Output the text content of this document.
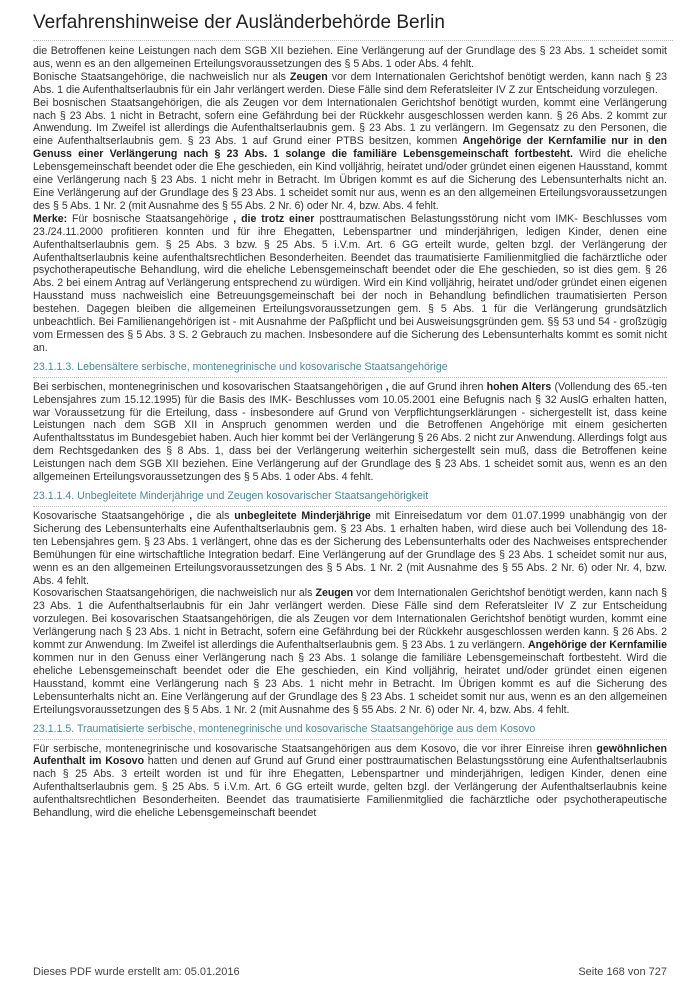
Verfahrenshinweise der Ausländerbehörde Berlin

die Betroffenen keine Leistungen nach dem SGB XII beziehen. Eine Verlängerung auf der Grundlage des § 23 Abs. 1 scheidet somit aus, wenn es an den allgemeinen Erteilungsvoraussetzungen des § 5 Abs. 1 oder Abs. 4 fehlt.

Bonische Staatsangehörige, die nachweislich nur als Zeugen vor dem Internationalen Gerichtshof benötigt werden, kann nach § 23 Abs. 1 die Aufenthaltserlaubnis für ein Jahr verlängert werden. Diese Fälle sind dem Referatsleiter IV Z zur Entscheidung vorzulegen.

Bei bosnischen Staatsangehörigen, die als Zeugen vor dem Internationalen Gerichtshof benötigt wurden, kommt eine Verlängerung nach § 23 Abs. 1 nicht in Betracht, sofern eine Gefährdung bei der Rückkehr ausgeschlossen werden kann. § 26 Abs. 2 kommt zur Anwendung. Im Zweifel ist allerdings die Aufenthaltserlaubnis gem. § 23 Abs. 1 zu verlängern. Im Gegensatz zu den Personen, die eine Aufenthaltserlaubnis gem. § 23 Abs. 1 auf Grund einer PTBS besitzen, kommen Angehörige der Kernfamilie nur in den Genuss einer Verlängerung nach § 23 Abs. 1 solange die familiäre Lebensgemeinschaft fortbesteht. Wird die eheliche Lebensgemeinschaft beendet oder die Ehe geschieden, ein Kind volljährig, heiratet und/oder gründet einen eigenen Hausstand, kommt eine Verlängerung nach § 23 Abs. 1 nicht mehr in Betracht. Im Übrigen kommt es auf die Sicherung des Lebensunterhalts nicht an. Eine Verlängerung auf der Grundlage des § 23 Abs. 1 scheidet somit nur aus, wenn es an den allgemeinen Erteilungsvoraussetzungen des § 5 Abs. 1 Nr. 2 (mit Ausnahme des § 55 Abs. 2 Nr. 6) oder Nr. 4, bzw. Abs. 4 fehlt.

Merke: Für bosnische Staatsangehörige , die trotz einer posttraumatischen Belastungsstörung nicht vom IMK- Beschlusses vom 23./24.11.2000 profitieren konnten und für ihre Ehegatten, Lebenspartner und minderjährigen, ledigen Kinder, denen eine Aufenthaltserlaubnis gem. § 25 Abs. 3 bzw. § 25 Abs. 5 i.V.m. Art. 6 GG erteilt wurde, gelten bzgl. der Verlängerung der Aufenthaltserlaubnis keine aufenthaltsrechtlichen Besonderheiten. Beendet das traumatisierte Familienmitglied die fachärztliche oder psychotherapeutische Behandlung, wird die eheliche Lebensgemeinschaft beendet oder die Ehe geschieden, so ist dies gem. § 26 Abs. 2 bei einem Antrag auf Verlängerung entsprechend zu würdigen. Wird ein Kind volljährig, heiratet und/oder gründet einen eigenen Hausstand muss nachweislich eine Betreuungsgemeinschaft bei der noch in Behandlung befindlichen traumatisierten Person bestehen. Dagegen bleiben die allgemeinen Erteilungsvoraussetzungen gem. § 5 Abs. 1 für die Verlängerung grundsätzlich unbeachtlich. Bei Familienangehörigen ist - mit Ausnahme der Paßpflicht und bei Ausweisungsgründen gem. §§ 53 und 54 - großzügig vom Ermessen des § 5 Abs. 3 S. 2 Gebrauch zu machen. Insbesondere auf die Sicherung des Lebensunterhalts kommt es somit nicht an.

23.1.1.3. Lebensältere serbische, montenegrinische und kosovarische Staatsangehörige

Bei serbischen, montenegrinischen und kosovarischen Staatsangehörigen , die auf Grund ihren hohen Alters (Vollendung des 65.-ten Lebensjahres zum 15.12.1995) für die Basis des IMK- Beschlusses vom 10.05.2001 eine Befugnis nach § 32 AuslG erhalten hatten, war Voraussetzung für die Erteilung, dass - insbesondere auf Grund von Verpflichtungserklärungen - sichergestellt ist, dass keine Leistungen nach dem SGB XII in Anspruch genommen werden und die Betroffenen Angehörige mit einem gesicherten Aufenthaltsstatus im Bundesgebiet haben. Auch hier kommt bei der Verlängerung § 26 Abs. 2 nicht zur Anwendung. Allerdings folgt aus dem Rechtsgedanken des § 8 Abs. 1, dass bei der Verlängerung weiterhin sichergestellt sein muß, dass die Betroffenen keine Leistungen nach dem SGB XII beziehen. Eine Verlängerung auf der Grundlage des § 23 Abs. 1 scheidet somit aus, wenn es an den allgemeinen Erteilungsvoraussetzungen des § 5 Abs. 1 oder Abs. 4 fehlt.

23.1.1.4. Unbegleitete Minderjährige und Zeugen kosovarischer Staatsangehörigkeit

Kosovarische Staatsangehörige , die als unbegleitete Minderjährige mit Einreisedatum vor dem 01.07.1999 unabhängig von der Sicherung des Lebensunterhalts eine Aufenthaltserlaubnis gem. § 23 Abs. 1 erhalten haben, wird diese auch bei Vollendung des 18-ten Lebensjahres gem. § 23 Abs. 1 verlängert, ohne das es der Sicherung des Lebensunterhalts oder des Nachweises entsprechender Bemühungen für eine wirtschaftliche Integration bedarf. Eine Verlängerung auf der Grundlage des § 23 Abs. 1 scheidet somit nur aus, wenn es an den allgemeinen Erteilungsvoraussetzungen des § 5 Abs. 1 Nr. 2 (mit Ausnahme des § 55 Abs. 2 Nr. 6) oder Nr. 4, bzw. Abs. 4 fehlt.

Kosovarischen Staatsangehörigen, die nachweislich nur als Zeugen vor dem Internationalen Gerichtshof benötigt werden, kann nach § 23 Abs. 1 die Aufenthaltserlaubnis für ein Jahr verlängert werden. Diese Fälle sind dem Referatsleiter IV Z zur Entscheidung vorzulegen. Bei kosovarischen Staatsangehörigen, die als Zeugen vor dem Internationalen Gerichtshof benötigt wurden, kommt eine Verlängerung nach § 23 Abs. 1 nicht in Betracht, sofern eine Gefährdung bei der Rückkehr ausgeschlossen werden kann. § 26 Abs. 2 kommt zur Anwendung. Im Zweifel ist allerdings die Aufenthaltserlaubnis gem. § 23 Abs. 1 zu verlängern. Angehörige der Kernfamilie kommen nur in den Genuss einer Verlängerung nach § 23 Abs. 1 solange die familiäre Lebensgemeinschaft fortbesteht. Wird die eheliche Lebensgemeinschaft beendet oder die Ehe geschieden, ein Kind volljährig, heiratet und/oder gründet einen eigenen Hausstand, kommt eine Verlängerung nach § 23 Abs. 1 nicht mehr in Betracht. Im Übrigen kommt es auf die Sicherung des Lebensunterhalts nicht an. Eine Verlängerung auf der Grundlage des § 23 Abs. 1 scheidet somit nur aus, wenn es an den allgemeinen Erteilungsvoraussetzungen des § 5 Abs. 1 Nr. 2 (mit Ausnahme des § 55 Abs. 2 Nr. 6) oder Nr. 4, bzw. Abs. 4 fehlt.

23.1.1.5. Traumatisierte serbische, montenegrinische und kosovarische Staatsangehörige aus dem Kosovo

Für serbische, montenegrinische und kosovarische Staatsangehörigen aus dem Kosovo, die vor ihrer Einreise ihren gewöhnlichen Aufenthalt im Kosovo hatten und denen auf Grund auf Grund einer posttraumatischen Belastungsstörung eine Aufenthaltserlaubnis nach § 25 Abs. 3 erteilt worden ist und für ihre Ehegatten, Lebenspartner und minderjährigen, ledigen Kinder, denen eine Aufenthaltserlaubnis gem. § 25 Abs. 5 i.V.m. Art. 6 GG erteilt wurde, gelten bzgl. der Verlängerung der Aufenthaltserlaubnis keine aufenthaltsrechtlichen Besonderheiten. Beendet das traumatisierte Familienmitglied die fachärztliche oder psychotherapeutische Behandlung, wird die eheliche Lebensgemeinschaft beendet

Dieses PDF wurde erstellt am: 05.01.2016	Seite 168 von 727
